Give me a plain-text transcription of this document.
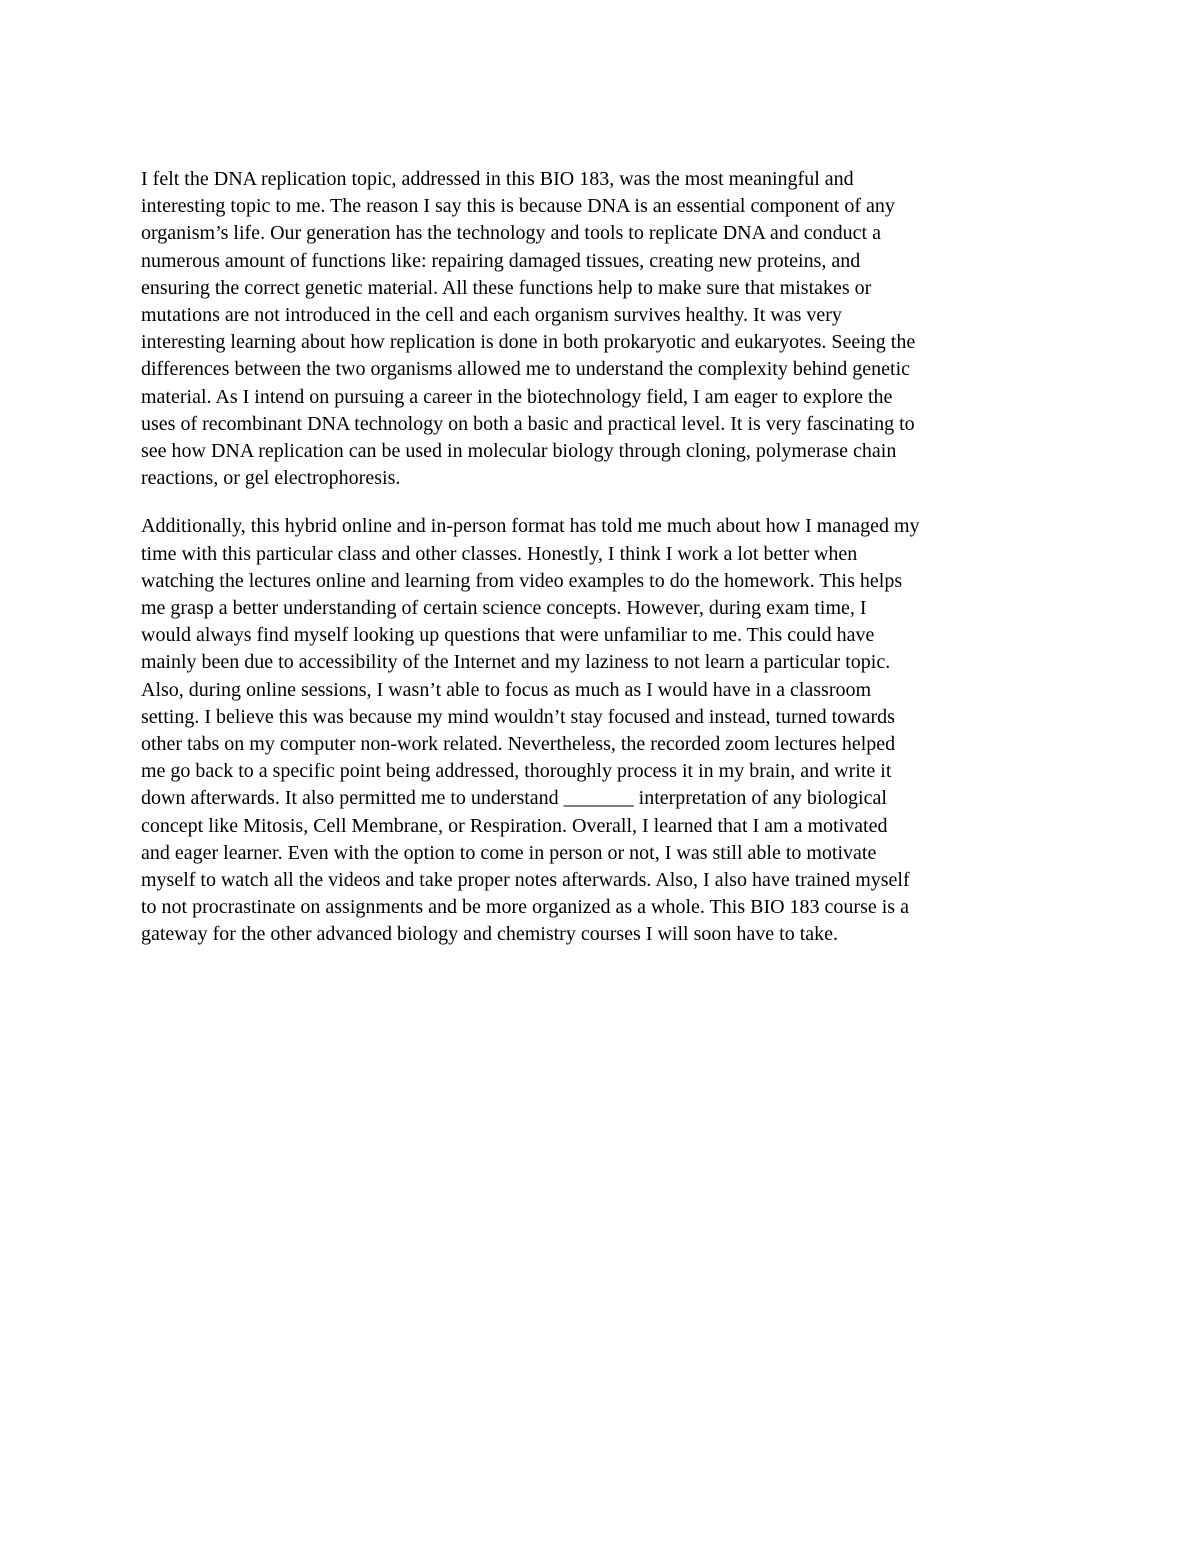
I felt the DNA replication topic, addressed in this BIO 183, was the most meaningful and
interesting topic to me. The reason I say this is because DNA is an essential component of any
organism’s life. Our generation has the technology and tools to replicate DNA and conduct a
numerous amount of functions like: repairing damaged tissues, creating new proteins, and
ensuring the correct genetic material. All these functions help to make sure that mistakes or
mutations are not introduced in the cell and each organism survives healthy. It was very
interesting learning about how replication is done in both prokaryotic and eukaryotes. Seeing the
differences between the two organisms allowed me to understand the complexity behind genetic
material. As I intend on pursuing a career in the biotechnology field, I am eager to explore the
uses of recombinant DNA technology on both a basic and practical level. It is very fascinating to
see how DNA replication can be used in molecular biology through cloning, polymerase chain
reactions, or gel electrophoresis.

Additionally, this hybrid online and in-person format has told me much about how I managed my
time with this particular class and other classes. Honestly, I think I work a lot better when
watching the lectures online and learning from video examples to do the homework. This helps
me grasp a better understanding of certain science concepts. However, during exam time, I
would always find myself looking up questions that were unfamiliar to me. This could have
mainly been due to accessibility of the Internet and my laziness to not learn a particular topic.
Also, during online sessions, I wasn’t able to focus as much as I would have in a classroom
setting. I believe this was because my mind wouldn’t stay focused and instead, turned towards
other tabs on my computer non-work related. Nevertheless, the recorded zoom lectures helped
me go back to a specific point being addressed, thoroughly process it in my brain, and write it
down afterwards. It also permitted me to understand _______ interpretation of any biological
concept like Mitosis, Cell Membrane, or Respiration. Overall, I learned that I am a motivated
and eager learner. Even with the option to come in person or not, I was still able to motivate
myself to watch all the videos and take proper notes afterwards. Also, I also have trained myself
to not procrastinate on assignments and be more organized as a whole. This BIO 183 course is a
gateway for the other advanced biology and chemistry courses I will soon have to take.
